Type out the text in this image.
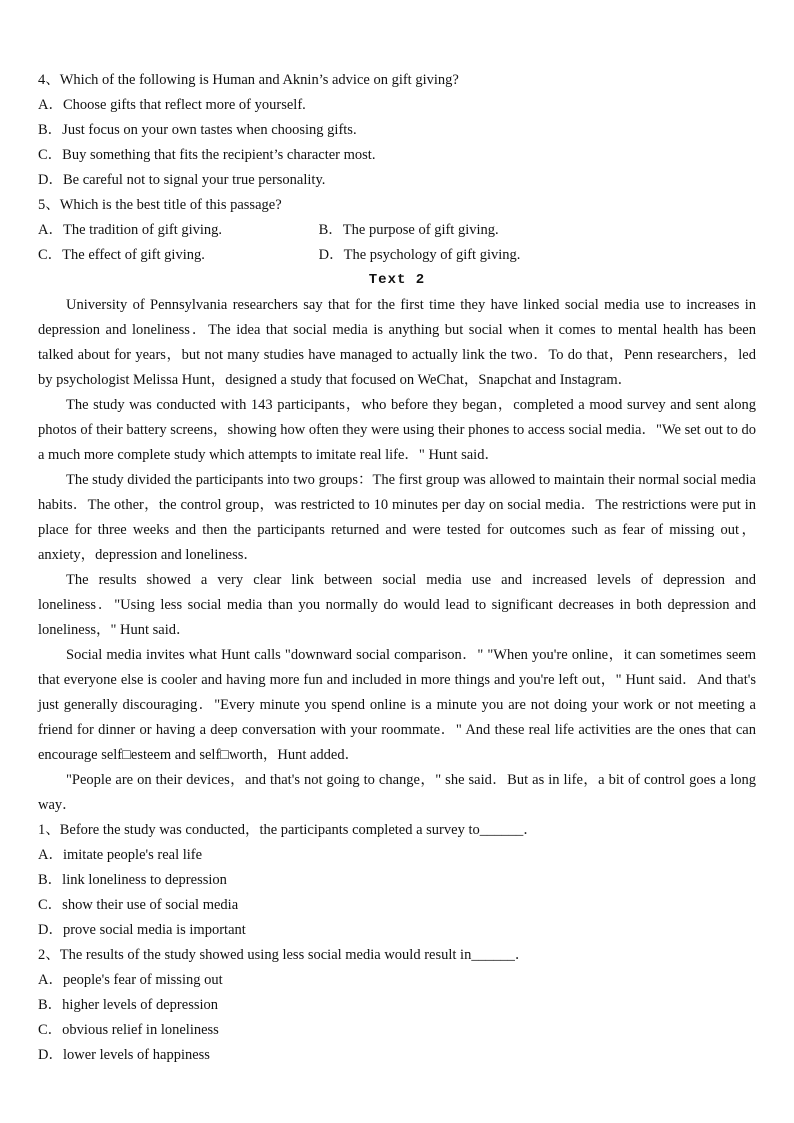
4、Which of the following is Human and Aknin’s advice on gift giving?

A．Choose gifts that reflect more of yourself.

B．Just focus on your own tastes when choosing gifts.

C．Buy something that fits the recipient’s character most.

D．Be careful not to signal your true personality.

5、Which is the best title of this passage?

A．The tradition of gift giving.	B．The purpose of gift giving.

C．The effect of gift giving.	D．The psychology of gift giving.

Text 2

University of Pennsylvania researchers say that for the first time they have linked social media use to increases in depression and loneliness．The idea that social media is anything but social when it comes to mental health has been talked about for years，but not many studies have managed to actually link the two．To do that，Penn researchers，led by psychologist Melissa Hunt，designed a study that focused on WeChat，Snapchat and Instagram．

The study was conducted with 143 participants，who before they began，completed a mood survey and sent along photos of their battery screens，showing how often they were using their phones to access social media．"We set out to do a much more complete study which attempts to imitate real life．" Hunt said．

The study divided the participants into two groups：The first group was allowed to maintain their normal social media habits．The other，the control group，was restricted to 10 minutes per day on social media．The restrictions were put in place for three weeks and then the participants returned and were tested for outcomes such as fear of missing out，anxiety，depression and loneliness．

The results showed a very clear link between social media use and increased levels of depression and loneliness．"Using less social media than you normally do would lead to significant decreases in both depression and loneliness，" Hunt said．

Social media invites what Hunt calls "downward social comparison．" "When you're online，it can sometimes seem that everyone else is cooler and having more fun and included in more things and you're left out，" Hunt said．And that's just generally discouraging．"Every minute you spend online is a minute you are not doing your work or not meeting a friend for dinner or having a deep conversation with your roommate．" And these real life activities are the ones that can encourage self□esteem and self□worth，Hunt added．

"People are on their devices，and that's not going to change，" she said．But as in life，a bit of control goes a long way．

1、Before the study was conducted，the participants completed a survey to______．

A．imitate people's real life

B．link loneliness to depression

C．show their use of social media

D．prove social media is important

2、The results of the study showed using less social media would result in______．

A．people's fear of missing out

B．higher levels of depression

C．obvious relief in loneliness

D．lower levels of happiness
